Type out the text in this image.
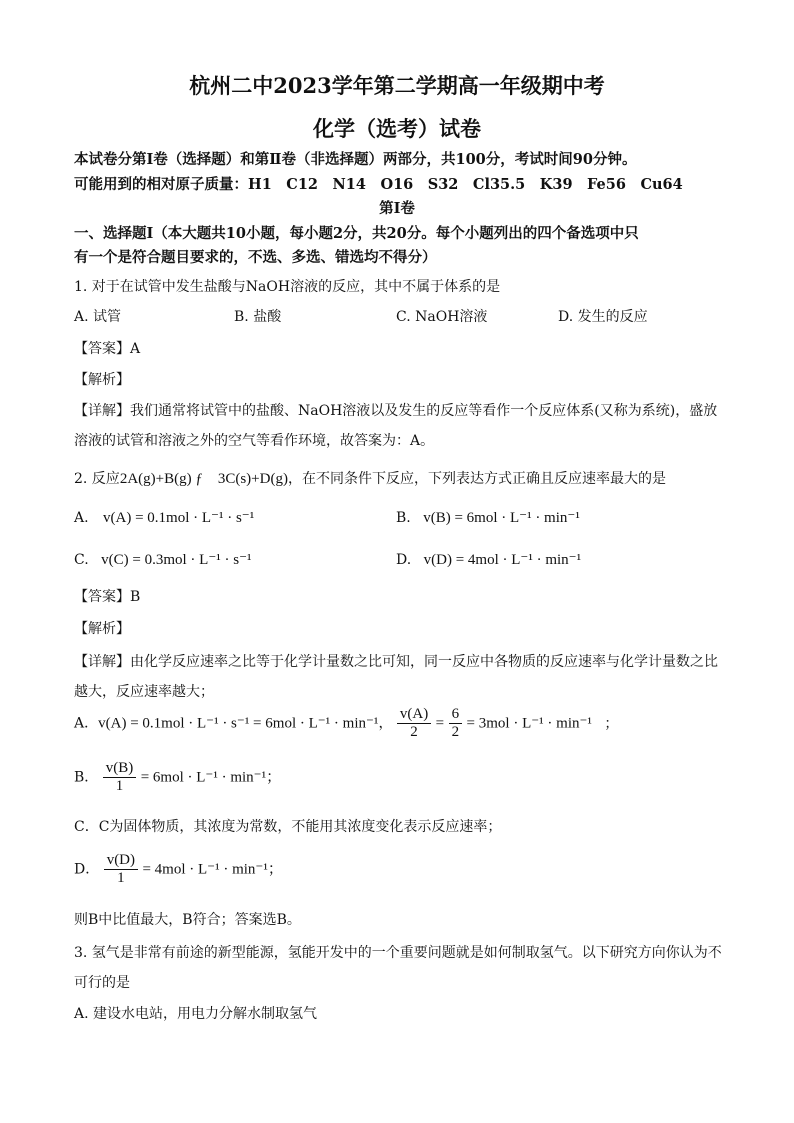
杭州二中2023学年第二学期高一年级期中考
化学（选考）试卷
本试卷分第Ⅰ卷（选择题）和第Ⅱ卷（非选择题）两部分，共100分，考试时间90分钟。
可能用到的相对原子质量：H1　C12　N14　O16　S32　Cl35.5　K39　Fe56　Cu64
第Ⅰ卷
一、选择题Ⅰ（本大题共10小题，每小题2分，共20分。每个小题列出的四个备选项中只
有一个是符合题目要求的，不选、多选、错选均不得分）
1. 对于在试管中发生盐酸与NaOH溶液的反应，其中不属于体系的是
A. 试管	B. 盐酸	C. NaOH溶液	D. 发生的反应
【答案】A
【解析】
【详解】我们通常将试管中的盐酸、NaOH溶液以及发生的反应等看作一个反应体系(又称为系统)，盛放
溶液的试管和溶液之外的空气等看作环境，故答案为：A。
2. 反应2A(g)+B(g) ƒ　3C(s)+D(g)，在不同条件下反应，下列表达方式正确且反应速率最大的是
A. v(A) = 0.1mol · L⁻¹ · s⁻¹	B. v(B) = 6mol · L⁻¹ · min⁻¹
C. v(C) = 0.3mol · L⁻¹ · s⁻¹	D. v(D) = 4mol · L⁻¹ · min⁻¹
【答案】B
【解析】
【详解】由化学反应速率之比等于化学计量数之比可知，同一反应中各物质的反应速率与化学计量数之比
越大，反应速率越大；
A．v(A) = 0.1mol · L⁻¹ · s⁻¹ = 6mol · L⁻¹ · min⁻¹， $\frac{v(A)}{2} = \frac{6}{2} = 3mol \cdot L^{-1} \cdot \min^{-1}$ ；
B． $\frac{v(B)}{1} = 6mol \cdot L^{-1} \cdot \min^{-1}$；
C．C为固体物质，其浓度为常数，不能用其浓度变化表示反应速率；
D． $\frac{v(D)}{1} = 4mol \cdot L^{-1} \cdot \min^{-1}$；
则B中比值最大，B符合；答案选B。
3. 氢气是非常有前途的新型能源，氢能开发中的一个重要问题就是如何制取氢气。以下研究方向你认为不
可行的是
A. 建设水电站，用电力分解水制取氢气
